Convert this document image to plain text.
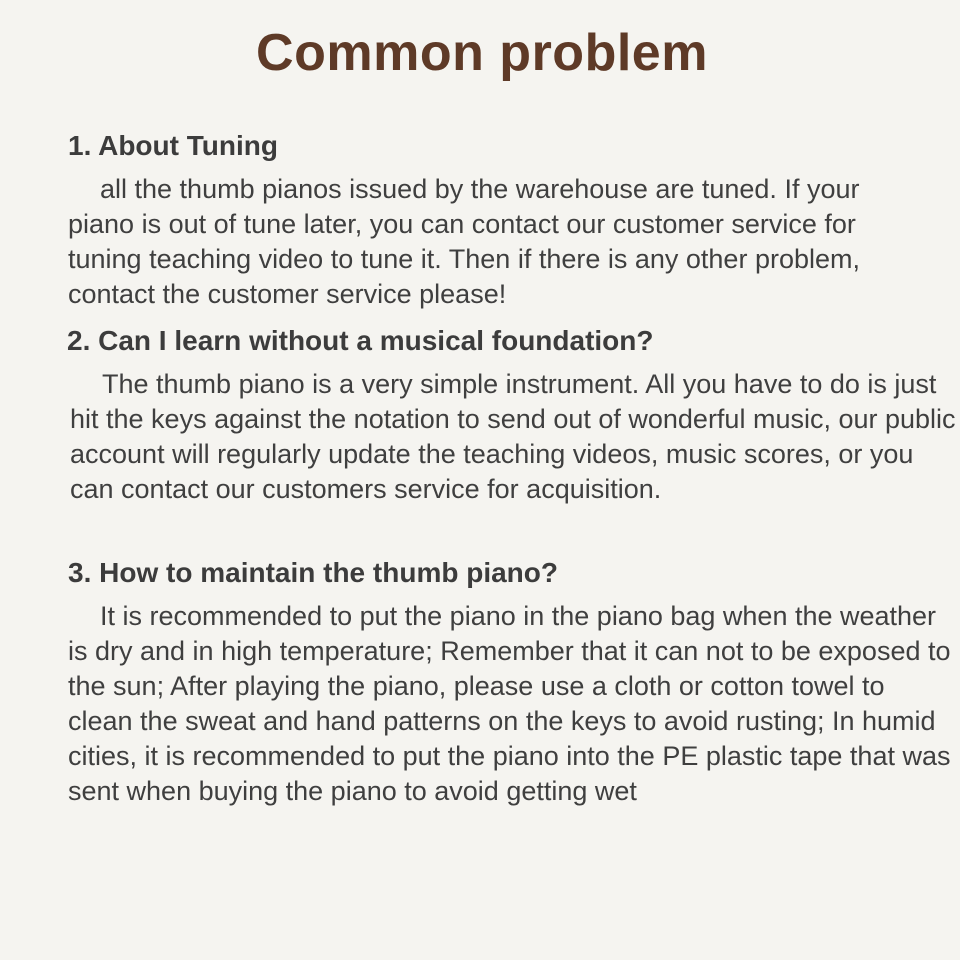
Common problem
1. About Tuning

all the thumb pianos issued by the warehouse are tuned. If your piano is out of tune later, you can contact our customer service for tuning teaching video to tune it. Then if there is any other problem, contact the customer service please!

2. Can I learn without a musical foundation?

The thumb piano is a very simple instrument. All you have to do is just hit the keys against the notation to send out of wonderful music, our public account will regularly update the teaching videos, music scores, or you can contact our customers service for acquisition.

3. How to maintain the thumb piano?

It is recommended to put the piano in the piano bag when the weather is dry and in high temperature; Remember that it can not to be exposed to the sun; After playing the piano, please use a cloth or cotton towel to clean the sweat and hand patterns on the keys to avoid rusting; In humid cities, it is recommended to put the piano into the PE plastic tape that was sent when buying the piano to avoid getting wet
